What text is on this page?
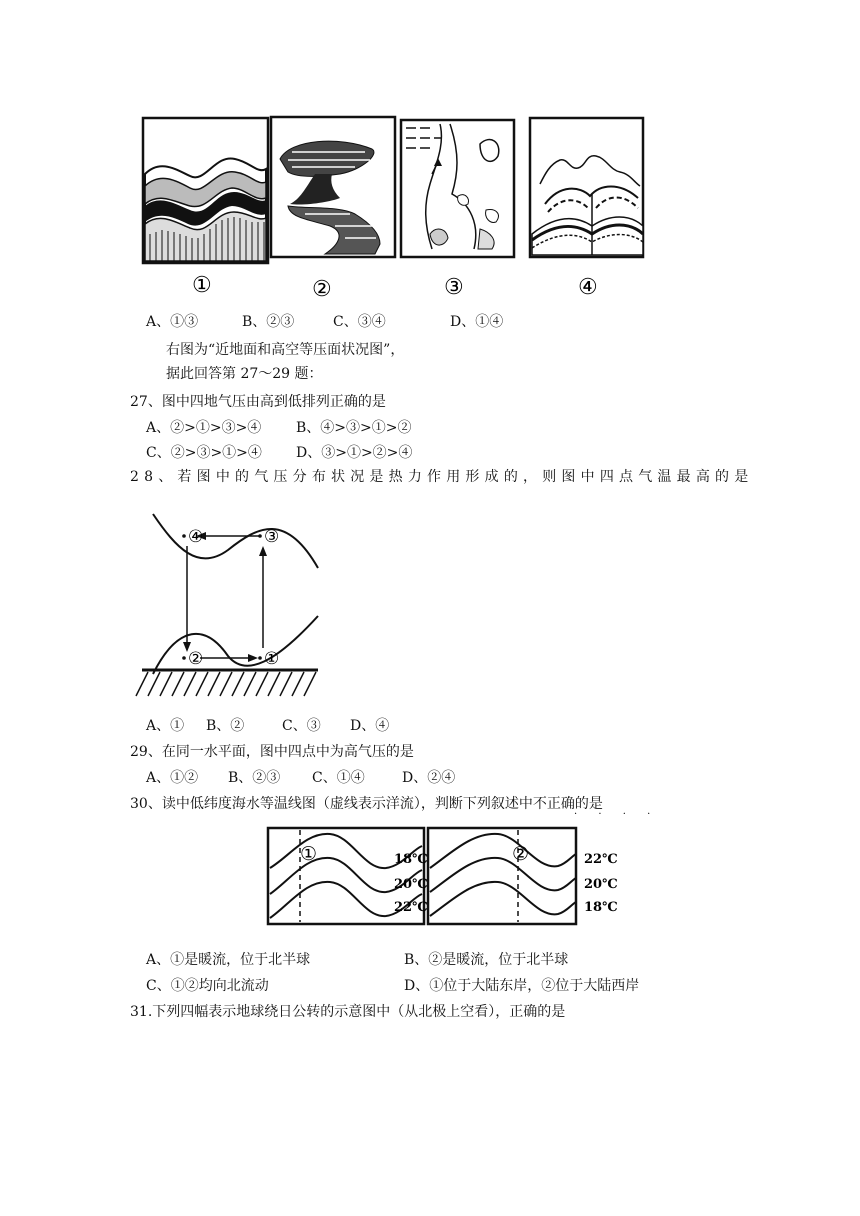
①	②	③	④
A、①③	B、②③	C、③④	D、①④
右图为“近地面和高空等压面状况图”，
据此回答第 27～29 题：
27、图中四地气压由高到低排列正确的是
A、②>①>③>④ B、④>③>①>②
C、②>③>①>④ D、③>①>②>④
28、若图中的气压分布状况是热力作用形成的，则图中四点气温最高的是
④	③
②	①
A、① B、②	C、③ D、④
29、在同一水平面，图中四点中为高气压的是
A、①② B、②③ C、①④	D、②④
30、读中低纬度海水等温线图（虚线表示洋流），判断下列叙述中不正确的是
· · · ·
①	18℃
20℃
22℃
②	22℃
20℃
18℃
A、①是暖流，位于北半球	B、②是暖流，位于北半球
C、①②均向北流动	D、①位于大陆东岸，②位于大陆西岸
31.下列四幅表示地球绕日公转的示意图中（从北极上空看），正确的是
